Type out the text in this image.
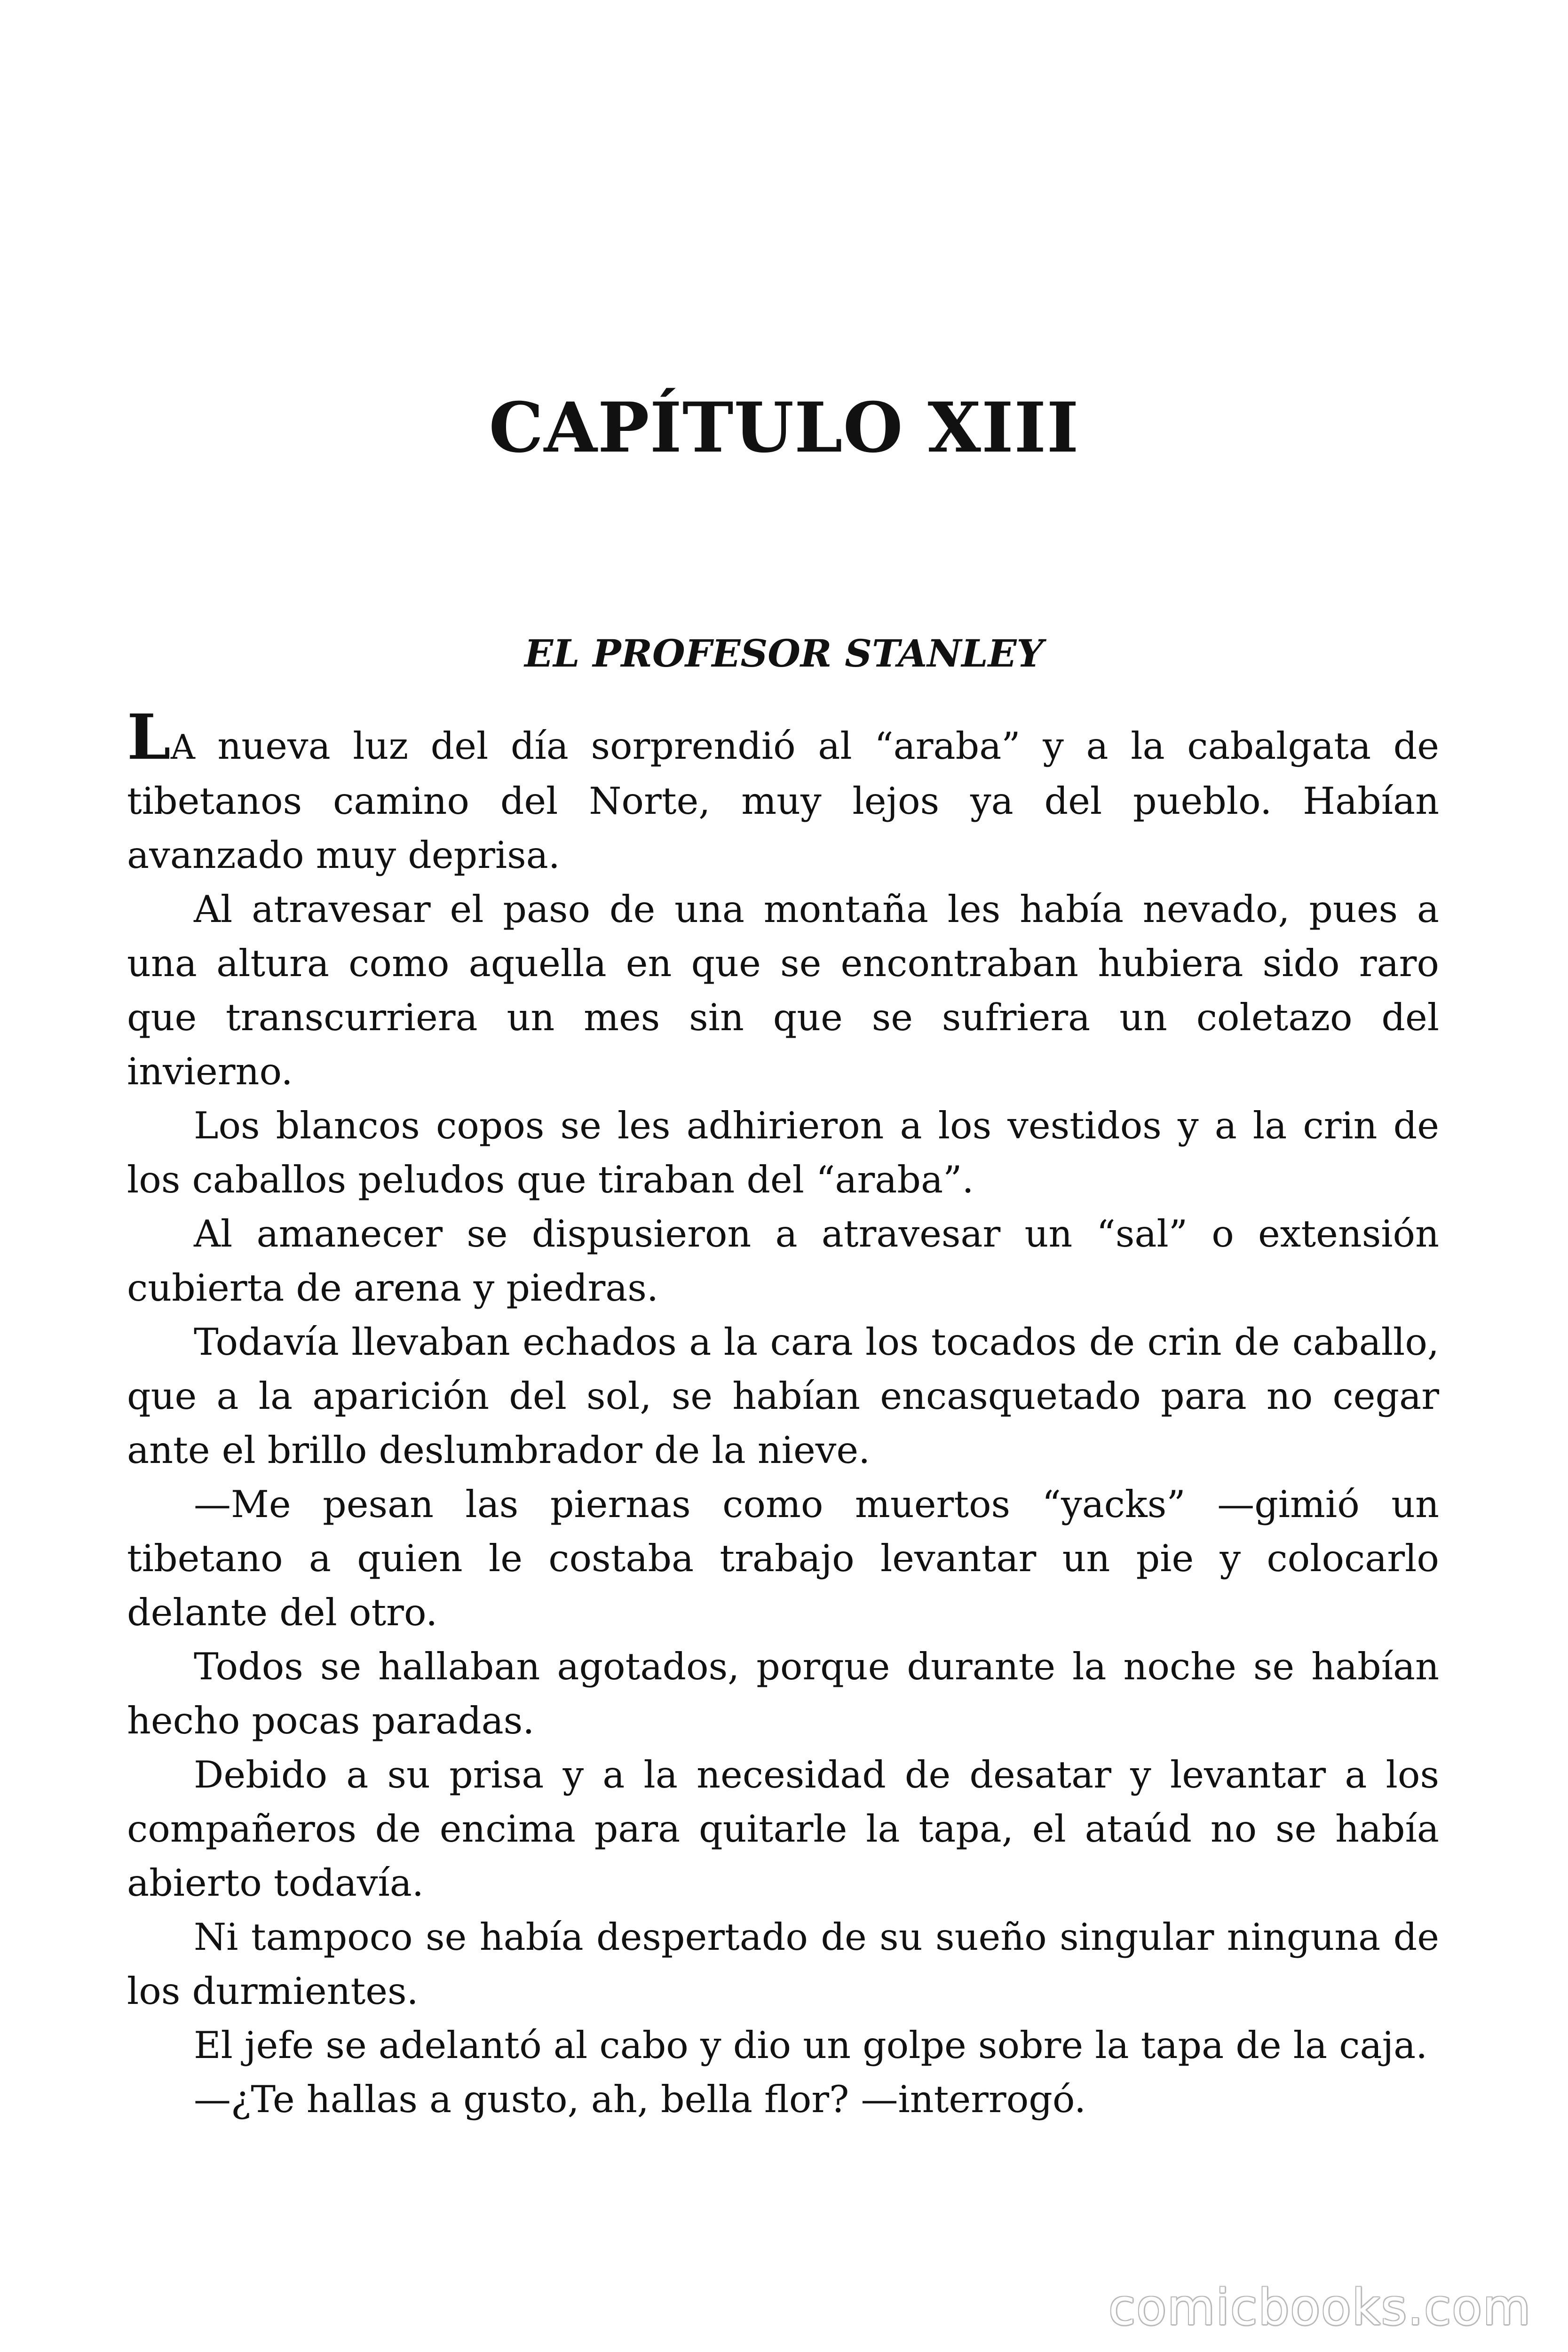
CAPÍTULO XIII
EL PROFESOR STANLEY

LA nueva luz del día sorprendió al “araba” y a la cabalgata de tibetanos camino del Norte, muy lejos ya del pueblo. Habían avanzado muy deprisa.

Al atravesar el paso de una montaña les había nevado, pues a una altura como aquella en que se encontraban hubiera sido raro que transcurriera un mes sin que se sufriera un coletazo del invierno.

Los blancos copos se les adhirieron a los vestidos y a la crin de los caballos peludos que tiraban del “araba”.

Al amanecer se dispusieron a atravesar un “sal” o extensión cubierta de arena y piedras.

Todavía llevaban echados a la cara los tocados de crin de caballo, que a la aparición del sol, se habían encasquetado para no cegar ante el brillo deslumbrador de la nieve.

—Me pesan las piernas como muertos “yacks” —gimió un tibetano a quien le costaba trabajo levantar un pie y colocarlo delante del otro.

Todos se hallaban agotados, porque durante la noche se habían hecho pocas paradas.

Debido a su prisa y a la necesidad de desatar y levantar a los compañeros de encima para quitarle la tapa, el ataúd no se había abierto todavía.

Ni tampoco se había despertado de su sueño singular ninguna de los durmientes.

El jefe se adelantó al cabo y dio un golpe sobre la tapa de la caja.

—¿Te hallas a gusto, ah, bella flor? —interrogó.

comicbooks.com
